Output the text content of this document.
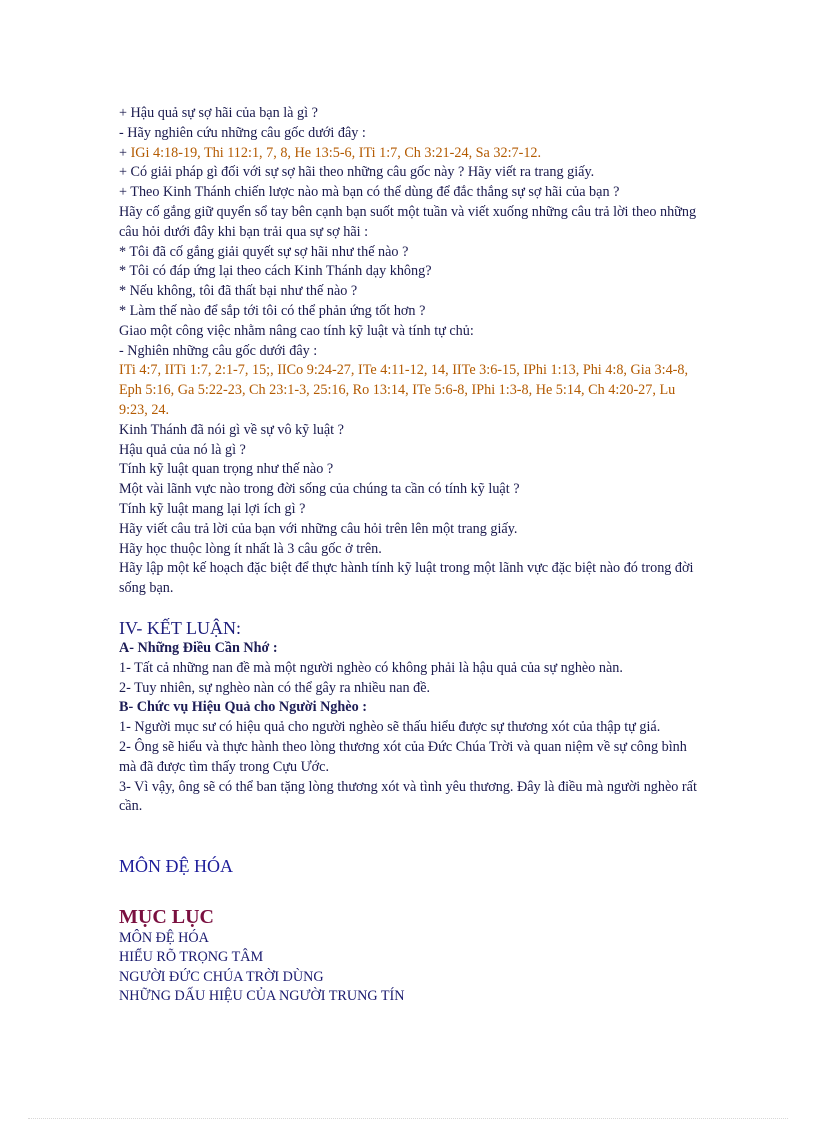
+ Hậu quả sự sợ hãi của bạn là gì ?
- Hãy nghiên cứu những câu gốc dưới đây :
+ IGi 4:18-19, Thi 112:1, 7, 8, He 13:5-6, ITi 1:7, Ch 3:21-24, Sa 32:7-12.
+ Có giải pháp gì đối với sự sợ hãi theo những câu gốc này ? Hãy viết ra trang giấy.
+ Theo Kinh Thánh chiến lược nào mà bạn có thể dùng để đắc thắng sự sợ hãi của bạn ?
Hãy cố gắng giữ quyển sổ tay bên cạnh bạn suốt một tuần và viết xuống những câu trả lời theo những câu hỏi dưới đây khi bạn trải qua sự sợ hãi :
* Tôi đã cố gắng giải quyết sự sợ hãi như thế nào ?
* Tôi có đáp ứng lại theo cách Kinh Thánh dạy không?
* Nếu không, tôi đã thất bại như thế nào ?
* Làm thế nào để sắp tới tôi có thể phản ứng tốt hơn ?
Giao một công việc nhằm nâng cao tính kỹ luật và tính tự chủ:
- Nghiên những câu gốc dưới đây :
ITi 4:7, IITi 1:7, 2:1-7, 15;, IICo 9:24-27, ITe 4:11-12, 14, IITe 3:6-15, IPhi 1:13, Phi 4:8, Gia 3:4-8, Eph 5:16, Ga 5:22-23, Ch 23:1-3, 25:16, Ro 13:14, ITe 5:6-8, IPhi 1:3-8, He 5:14, Ch 4:20-27, Lu 9:23, 24.
Kinh Thánh đã nói gì về sự vô kỹ luật ?
Hậu quả của nó là gì ?
Tính kỹ luật quan trọng như thế nào ?
Một vài lãnh vực nào trong đời sống của chúng ta cần có tính kỹ luật ?
Tính kỹ luật mang lại lợi ích gì ?
Hãy viết câu trả lời của bạn với những câu hỏi trên lên một trang giấy.
Hãy học thuộc lòng ít nhất là 3 câu gốc ở trên.
Hãy lập một kế hoạch đặc biệt để thực hành tính kỹ luật trong một lãnh vực đặc biệt nào đó trong đời sống bạn.
IV- KẾT LUẬN:
A- Những Điều Cần Nhớ :
1- Tất cả những nan đề mà một người nghèo có không phải là hậu quả của sự nghèo nàn.
2- Tuy nhiên, sự nghèo nàn có thể gây ra nhiều nan đề.
B- Chức vụ Hiệu Quả cho Người Nghèo :
1- Người mục sư có hiệu quả cho người nghèo sẽ thấu hiểu được sự thương xót của thập tự giá.
2- Ông sẽ hiểu và thực hành theo lòng thương xót của Đức Chúa Trời và quan niệm về sự công bình mà đã được tìm thấy trong Cựu Ước.
3- Vì vậy, ông sẽ có thể ban tặng lòng thương xót và tình yêu thương. Đây là điều mà người nghèo rất cần.
MÔN ĐỆ HÓA
MỤC LỤC
MÔN ĐỆ HÓA
HIỂU RÕ TRỌNG TÂM
NGƯỜI ĐỨC CHÚA TRỜI DÙNG
NHỮNG DẤU HIỆU CỦA NGƯỜI TRUNG TÍN
